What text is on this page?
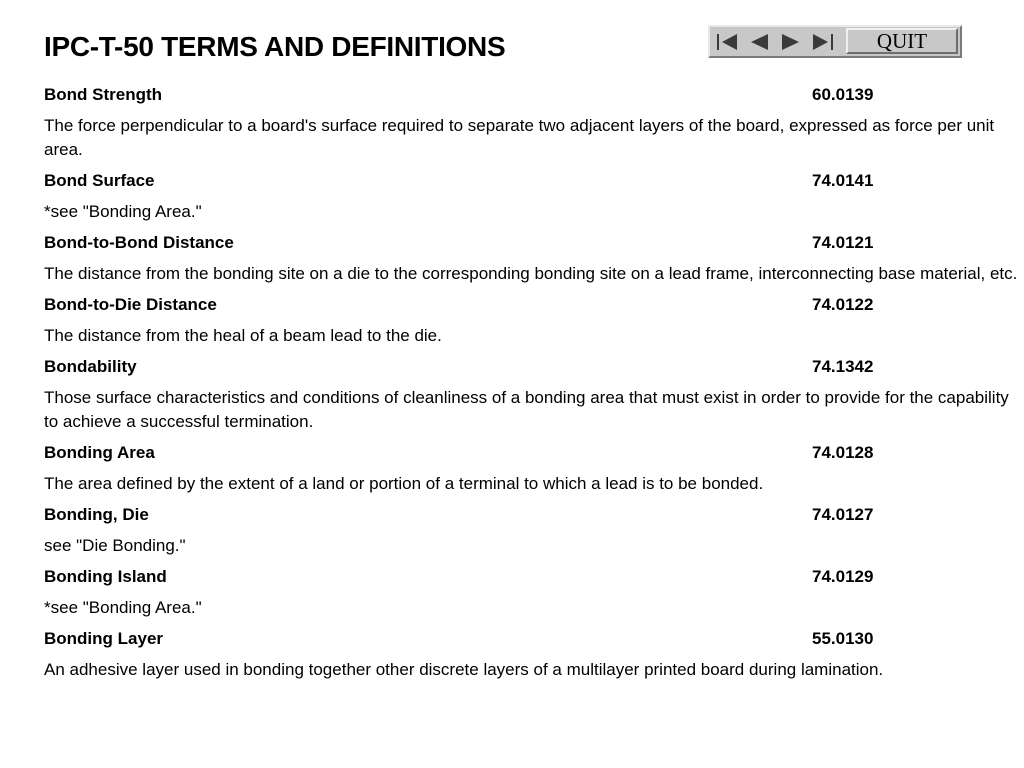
IPC-T-50 TERMS AND DEFINITIONS	QUIT
Bond Strength	60.0139
The force perpendicular to a board's surface required to separate two adjacent layers of the board, expressed as force per unit area.
Bond Surface	74.0141
*see "Bonding Area."
Bond-to-Bond Distance	74.0121
The distance from the bonding site on a die to the corresponding bonding site on a lead frame, interconnecting base material, etc.
Bond-to-Die Distance	74.0122
The distance from the heal of a beam lead to the die.
Bondability	74.1342
Those surface characteristics and conditions of cleanliness of a bonding area that must exist in order to provide for the capability to achieve a successful termination.
Bonding Area	74.0128
The area defined by the extent of a land or portion of a terminal to which a lead is to be bonded.
Bonding, Die	74.0127
see "Die Bonding."
Bonding Island	74.0129
*see "Bonding Area."
Bonding Layer	55.0130
An adhesive layer used in bonding together other discrete layers of a multilayer printed board during lamination.
